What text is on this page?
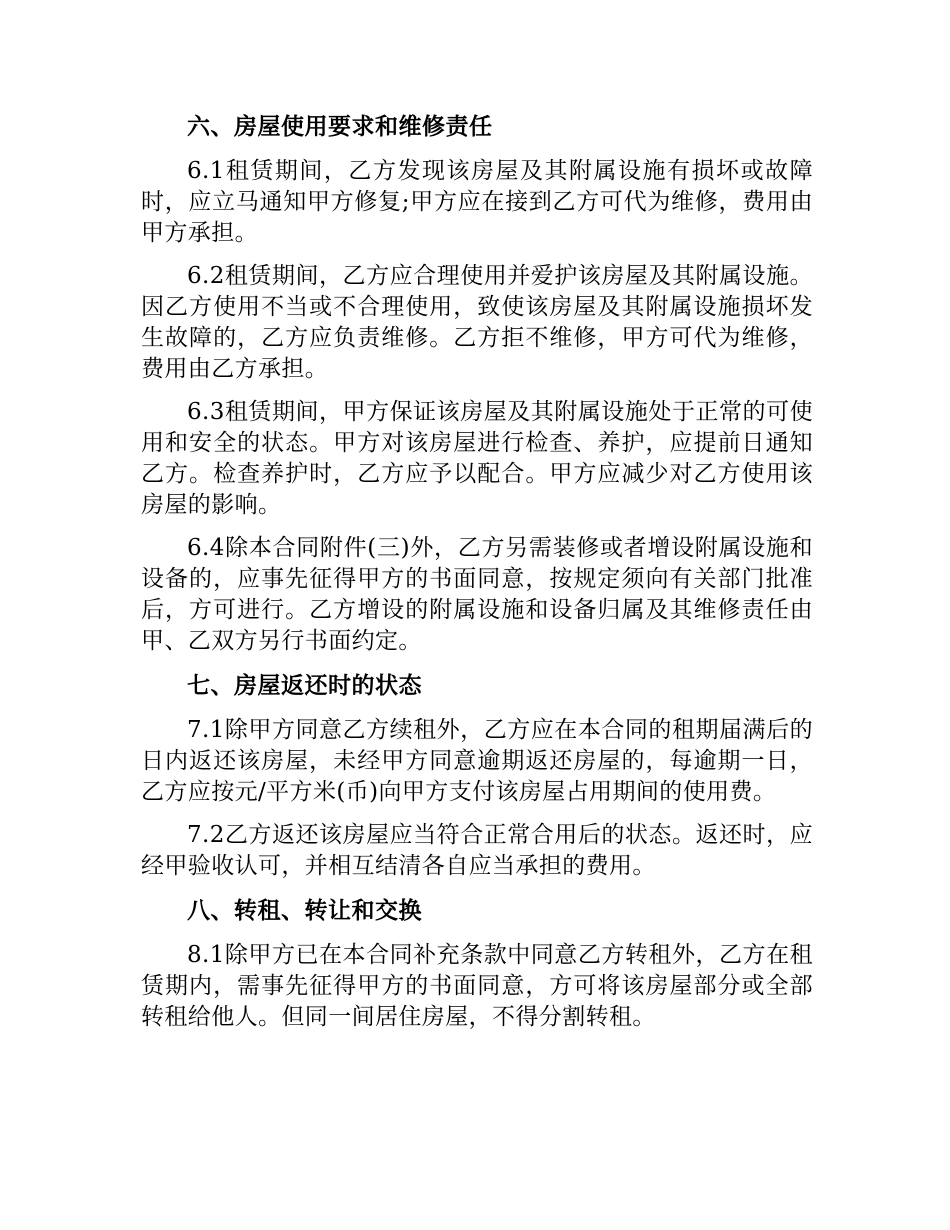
六、房屋使用要求和维修责任

6.1租赁期间，乙方发现该房屋及其附属设施有损坏或故障时，应立马通知甲方修复;甲方应在接到乙方可代为维修，费用由甲方承担。

6.2租赁期间，乙方应合理使用并爱护该房屋及其附属设施。因乙方使用不当或不合理使用，致使该房屋及其附属设施损坏发生故障的，乙方应负责维修。乙方拒不维修，甲方可代为维修，费用由乙方承担。

6.3租赁期间，甲方保证该房屋及其附属设施处于正常的可使用和安全的状态。甲方对该房屋进行检查、养护，应提前日通知乙方。检查养护时，乙方应予以配合。甲方应减少对乙方使用该房屋的影响。

6.4除本合同附件(三)外，乙方另需装修或者增设附属设施和设备的，应事先征得甲方的书面同意，按规定须向有关部门批准后，方可进行。乙方增设的附属设施和设备归属及其维修责任由甲、乙双方另行书面约定。

七、房屋返还时的状态

7.1除甲方同意乙方续租外，乙方应在本合同的租期届满后的日内返还该房屋，未经甲方同意逾期返还房屋的，每逾期一日，乙方应按元/平方米(币)向甲方支付该房屋占用期间的使用费。

7.2乙方返还该房屋应当符合正常合用后的状态。返还时，应经甲验收认可，并相互结清各自应当承担的费用。

八、转租、转让和交换

8.1除甲方已在本合同补充条款中同意乙方转租外，乙方在租赁期内，需事先征得甲方的书面同意，方可将该房屋部分或全部转租给他人。但同一间居住房屋，不得分割转租。
